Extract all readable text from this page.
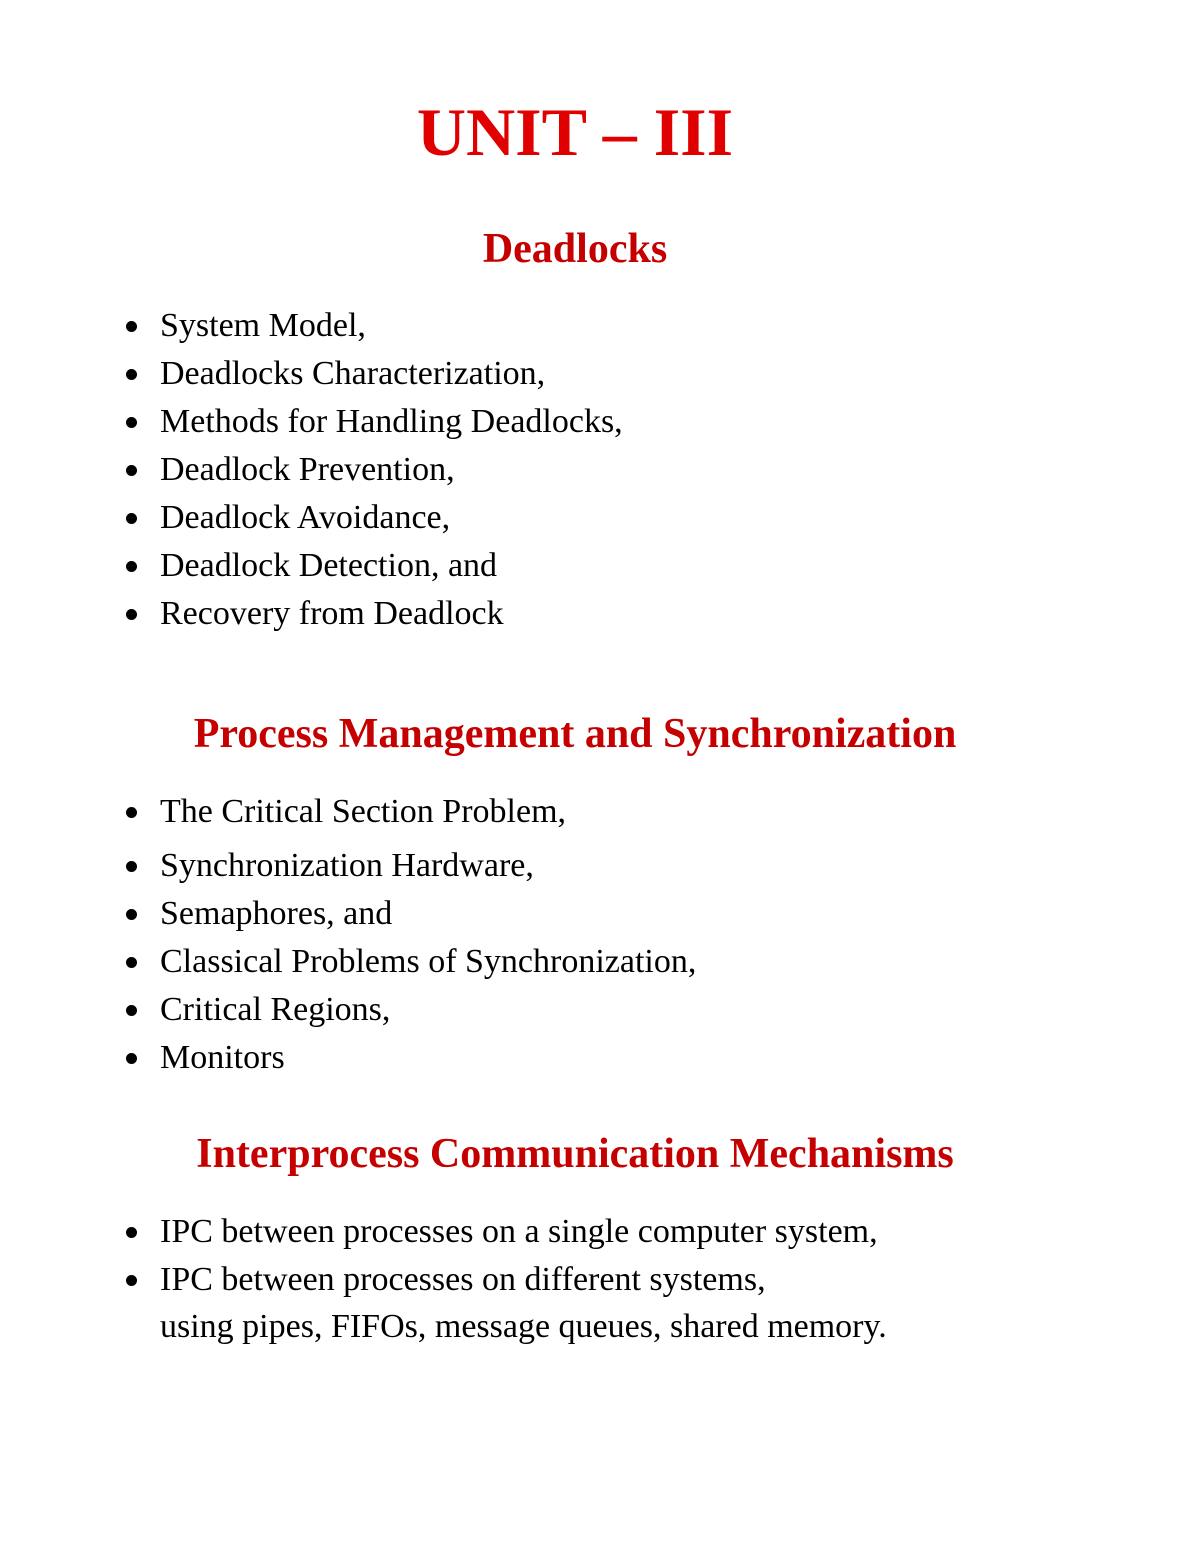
UNIT – III
Deadlocks
System Model,
Deadlocks Characterization,
Methods for Handling Deadlocks,
Deadlock Prevention,
Deadlock Avoidance,
Deadlock Detection, and
Recovery from Deadlock
Process Management and Synchronization
The Critical Section Problem,
Synchronization Hardware,
Semaphores, and
Classical Problems of Synchronization,
Critical Regions,
Monitors
Interprocess Communication Mechanisms
IPC between processes on a single computer system,
IPC between processes on different systems,
using pipes, FIFOs, message queues, shared memory.
